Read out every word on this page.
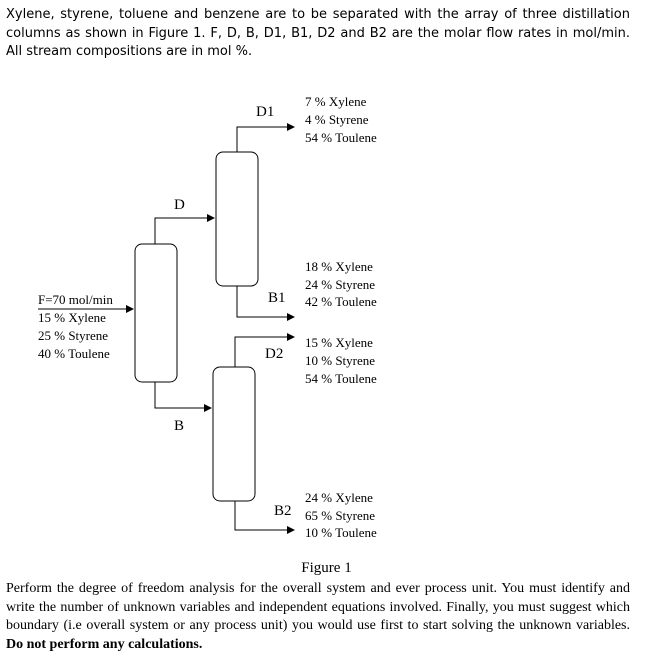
Xylene, styrene, toluene and benzene are to be separated with the array of three distillation columns as shown in Figure 1. F, D, B, D1, B1, D2 and B2 are the molar flow rates in mol/min. All stream compositions are in mol %.

D
B
D1
B1
D2
B2
F=70 mol/min
15 % Xylene
25 % Styrene
40 % Toulene
7 % Xylene
4 % Styrene
54 % Toulene
18 % Xylene
24 % Styrene
42 % Toulene
15 % Xylene
10 % Styrene
54 % Toulene
24 % Xylene
65 % Styrene
10 % Toulene
Figure 1

Perform the degree of freedom analysis for the overall system and ever process unit. You must identify and write the number of unknown variables and independent equations involved. Finally, you must suggest which boundary (i.e overall system or any process unit) you would use first to start solving the unknown variables. Do not perform any calculations.
